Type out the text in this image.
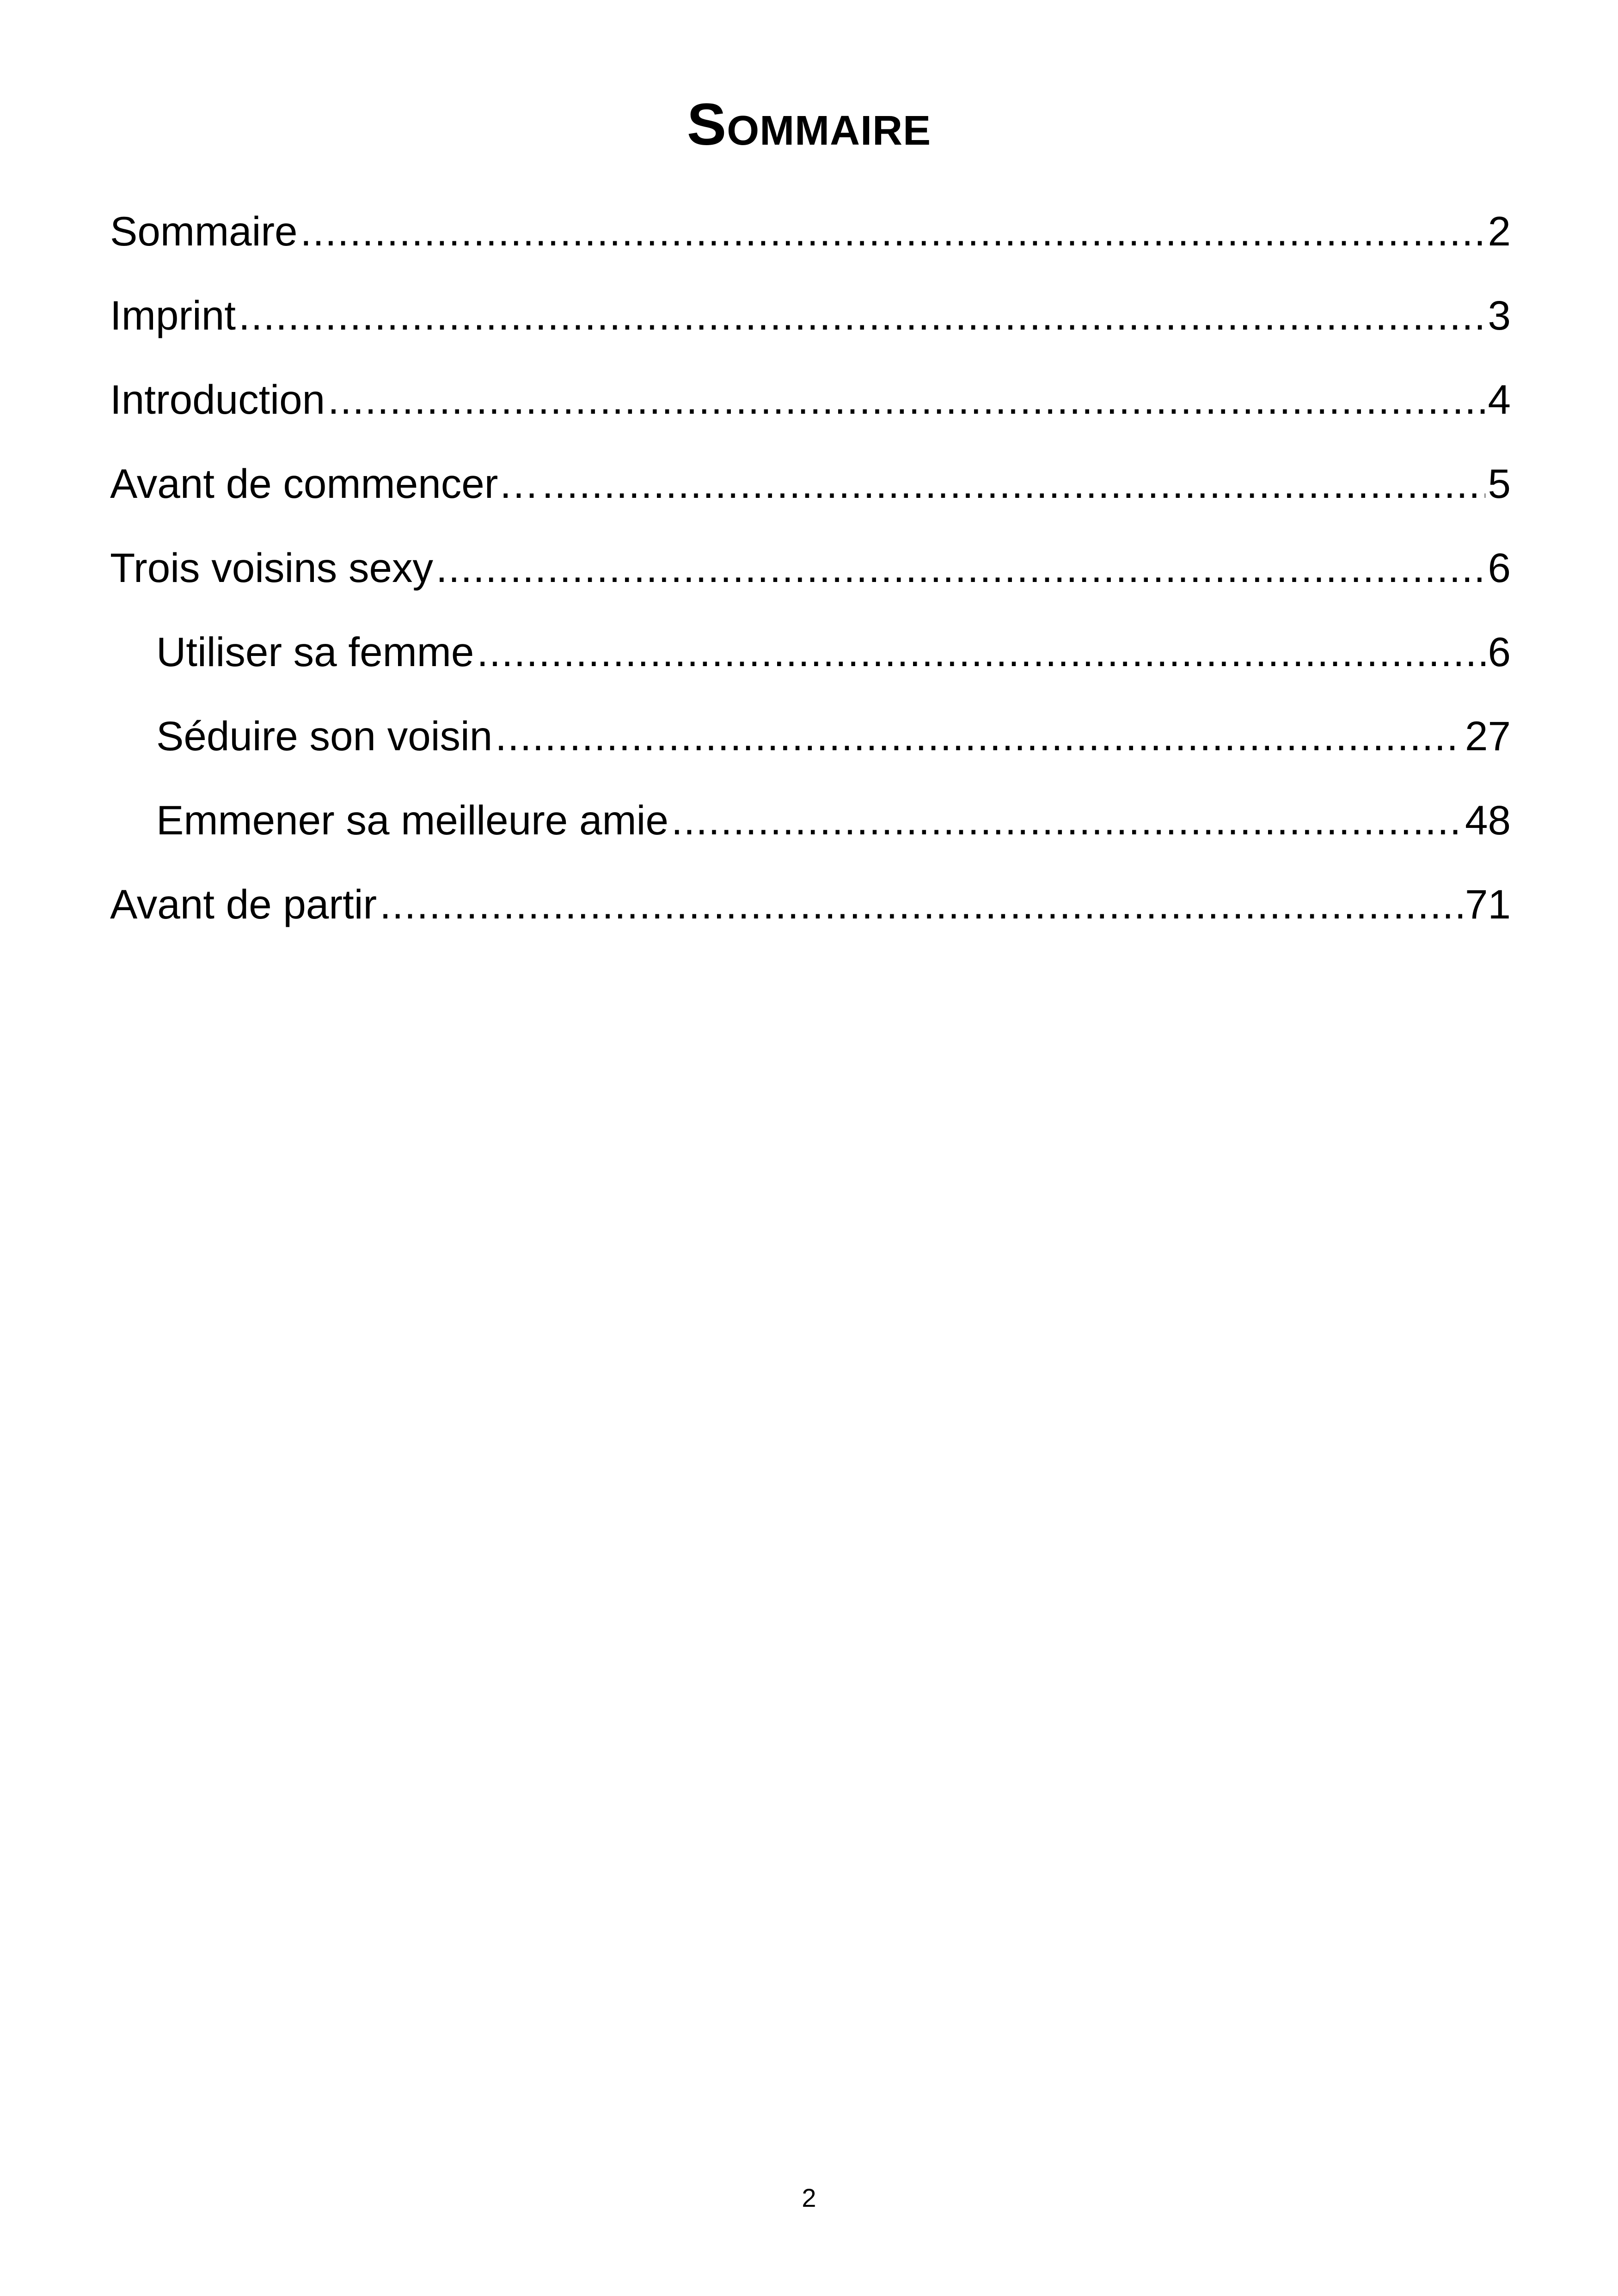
Sommaire
Sommaire .....	2
Imprint .....	3
Introduction .....	4
Avant de commencer… .....	5
Trois voisins sexy .....	6
Utiliser sa femme .....	6
Séduire son voisin .....	27
Emmener sa meilleure amie .....	48
Avant de partir .....	71
2
